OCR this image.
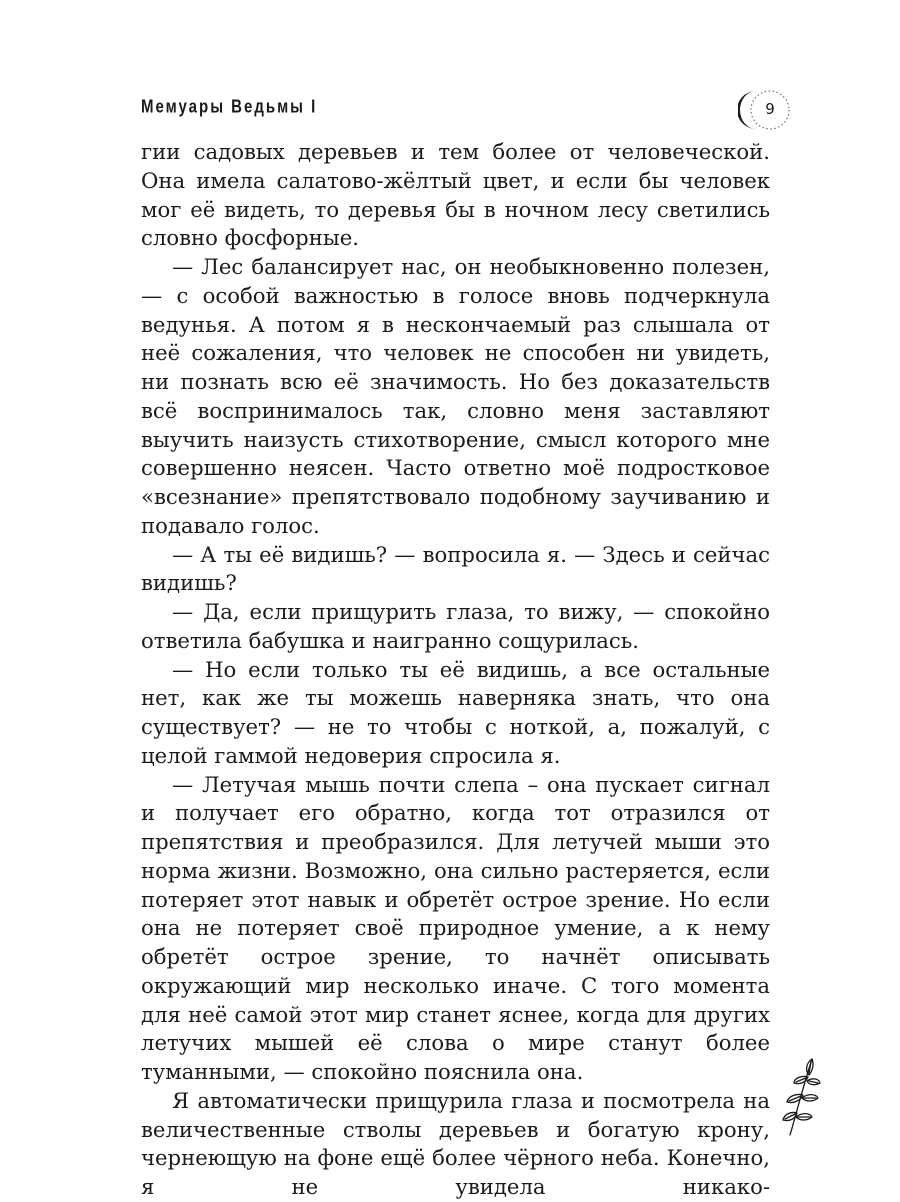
Мемуары Ведьмы I	9

гии садовых деревьев и тем более от человеческой. Она имела салатово-жёлтый цвет, и если бы человек мог её видеть, то деревья бы в ночном лесу светились словно фосфорные.

— Лес балансирует нас, он необыкновенно полезен, — с особой важностью в голосе вновь подчеркнула ведунья. А потом я в нескончаемый раз слышала от неё сожаления, что человек не способен ни увидеть, ни познать всю её значимость. Но без доказательств всё воспринималось так, словно меня заставляют выучить наизусть стихотворение, смысл которого мне совершенно неясен. Часто ответно моё подростковое «всезнание» препятствовало подобному заучиванию и подавало голос.

— А ты её видишь? — вопросила я. — Здесь и сейчас видишь?

— Да, если прищурить глаза, то вижу, — спокойно ответила бабушка и наигранно сощурилась.

— Но если только ты её видишь, а все остальные нет, как же ты можешь наверняка знать, что она существует? — не то чтобы с ноткой, а, пожалуй, с целой гаммой недоверия спросила я.

— Летучая мышь почти слепа – она пускает сигнал и получает его обратно, когда тот отразился от препятствия и преобразился. Для летучей мыши это норма жизни. Возможно, она сильно растеряется, если потеряет этот навык и обретёт острое зрение. Но если она не потеряет своё природное умение, а к нему обретёт острое зрение, то начнёт описывать окружающий мир несколько иначе. С того момента для неё самой этот мир станет яснее, когда для других летучих мышей её слова о мире станут более туманными, — спокойно пояснила она.

Я автоматически прищурила глаза и посмотрела на величественные стволы деревьев и богатую крону, чернеющую на фоне ещё более чёрного неба. Конечно, я не увидела никако-
